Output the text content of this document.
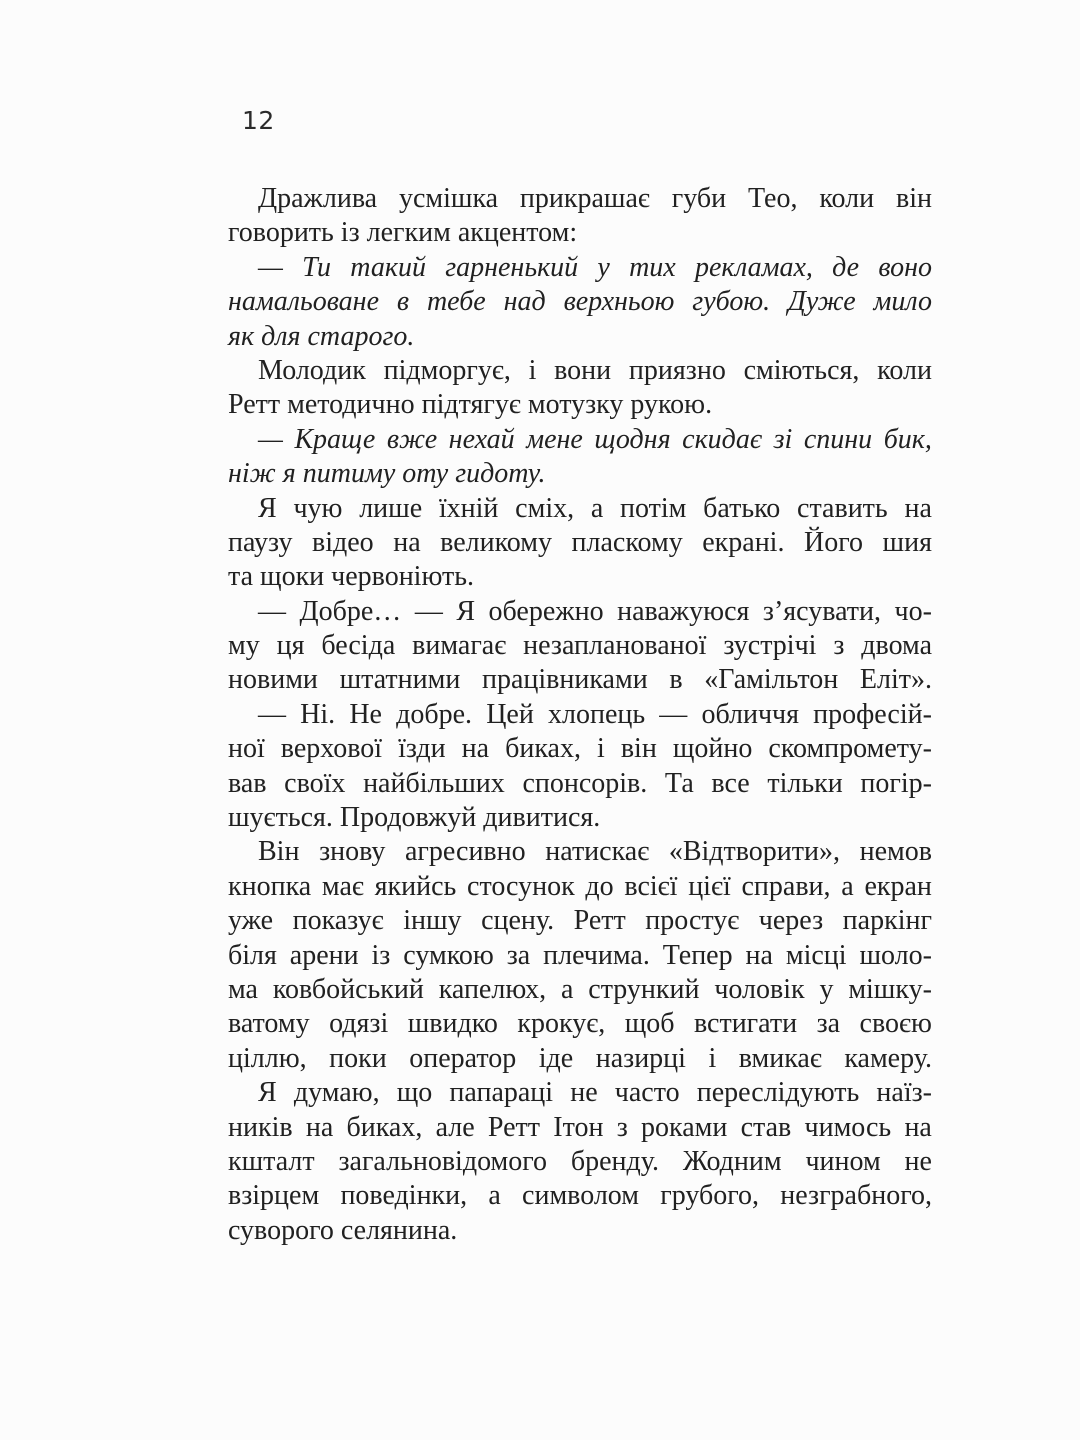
12
Дражлива усмішка прикрашає губи Тео, коли він
говорить із легким акцентом:
— Ти такий гарненький у тих рекламах, де воно
намальоване в тебе над верхньою губою. Дуже мило
як для старого.
Молодик підморгує, і вони приязно сміються, коли
Ретт методично підтягує мотузку рукою.
— Краще вже нехай мене щодня скидає зі спини бик,
ніж я питиму оту гидоту.
Я чую лише їхній сміх, а потім батько ставить на
паузу відео на великому пласкому екрані. Його шия
та щоки червоніють.
— Добре… — Я обережно наважуюся з’ясувати, чо-
му ця бесіда вимагає незапланованої зустрічі з двома
новими штатними працівниками в «Гамільтон Еліт».
— Ні. Не добре. Цей хлопець — обличчя професій-
ної верхової їзди на биках, і він щойно скомпромету-
вав своїх найбільших спонсорів. Та все тільки погір-
шується. Продовжуй дивитися.
Він знову агресивно натискає «Відтворити», немов
кнопка має якийсь стосунок до всієї цієї справи, а екран
уже показує іншу сцену. Ретт простує через паркінг
біля арени із сумкою за плечима. Тепер на місці шоло-
ма ковбойський капелюх, а стрункий чоловік у мішку-
ватому одязі швидко крокує, щоб встигати за своєю
ціллю, поки оператор іде назирці і вмикає камеру.
Я думаю, що папараці не часто переслідують наїз-
ників на биках, але Ретт Ітон з роками став чимось на
кшталт загальновідомого бренду. Жодним чином не
взірцем поведінки, а символом грубого, незграбного,
суворого селянина.
